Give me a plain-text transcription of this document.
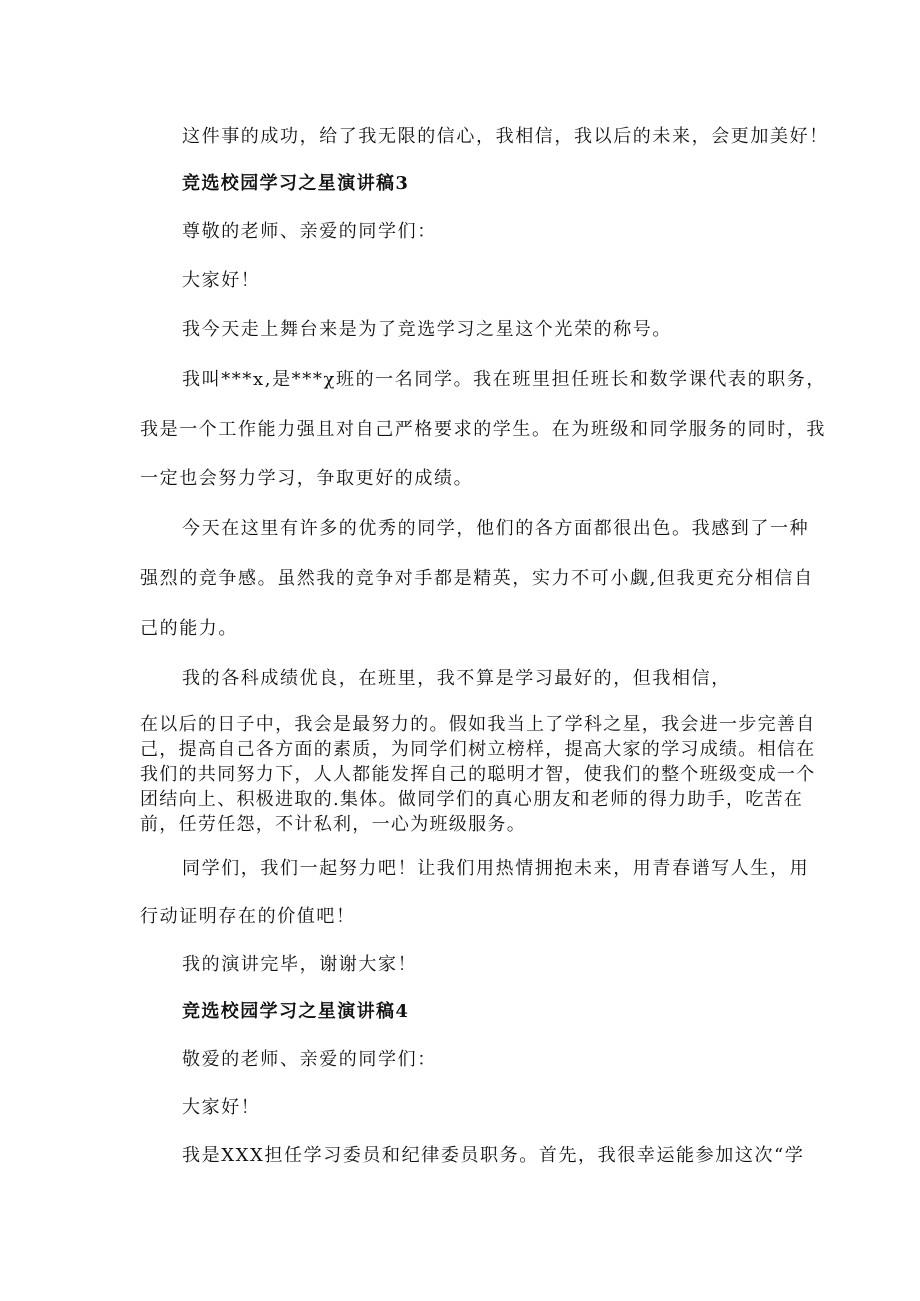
这件事的成功，给了我无限的信心，我相信，我以后的未来，会更加美好！
竞选校园学习之星演讲稿3
尊敬的老师、亲爱的同学们：
大家好！
我今天走上舞台来是为了竞选学习之星这个光荣的称号。
我叫***x,是***χ班的一名同学。我在班里担任班长和数学课代表的职务，
我是一个工作能力强且对自己严格要求的学生。在为班级和同学服务的同时，我
一定也会努力学习，争取更好的成绩。
今天在这里有许多的优秀的同学，他们的各方面都很出色。我感到了一种
强烈的竞争感。虽然我的竞争对手都是精英，实力不可小觑,但我更充分相信自
己的能力。
我的各科成绩优良，在班里，我不算是学习最好的，但我相信，
在以后的日子中，我会是最努力的。假如我当上了学科之星，我会进一步完善自
己，提高自己各方面的素质，为同学们树立榜样，提高大家的学习成绩。相信在
我们的共同努力下，人人都能发挥自己的聪明才智，使我们的整个班级变成一个
团结向上、积极进取的.集体。做同学们的真心朋友和老师的得力助手，吃苦在
前，任劳任怨，不计私利，一心为班级服务。
同学们，我们一起努力吧！让我们用热情拥抱未来，用青春谱写人生，用
行动证明存在的价值吧！
我的演讲完毕，谢谢大家！
竞选校园学习之星演讲稿4
敬爱的老师、亲爱的同学们：
大家好！
我是XXX担任学习委员和纪律委员职务。首先，我很幸运能参加这次“学
